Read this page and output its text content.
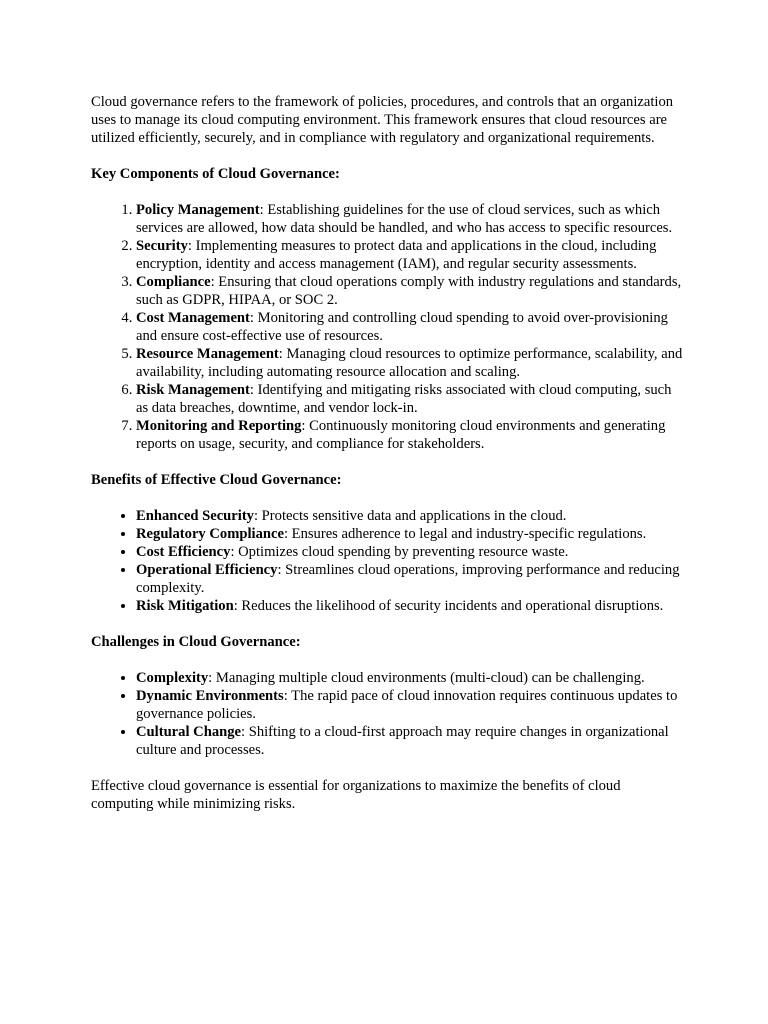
Cloud governance refers to the framework of policies, procedures, and controls that an organization uses to manage its cloud computing environment. This framework ensures that cloud resources are utilized efficiently, securely, and in compliance with regulatory and organizational requirements.

Key Components of Cloud Governance:

1. Policy Management: Establishing guidelines for the use of cloud services, such as which services are allowed, how data should be handled, and who has access to specific resources.
2. Security: Implementing measures to protect data and applications in the cloud, including encryption, identity and access management (IAM), and regular security assessments.
3. Compliance: Ensuring that cloud operations comply with industry regulations and standards, such as GDPR, HIPAA, or SOC 2.
4. Cost Management: Monitoring and controlling cloud spending to avoid over-provisioning and ensure cost-effective use of resources.
5. Resource Management: Managing cloud resources to optimize performance, scalability, and availability, including automating resource allocation and scaling.
6. Risk Management: Identifying and mitigating risks associated with cloud computing, such as data breaches, downtime, and vendor lock-in.
7. Monitoring and Reporting: Continuously monitoring cloud environments and generating reports on usage, security, and compliance for stakeholders.

Benefits of Effective Cloud Governance:

• Enhanced Security: Protects sensitive data and applications in the cloud.
• Regulatory Compliance: Ensures adherence to legal and industry-specific regulations.
• Cost Efficiency: Optimizes cloud spending by preventing resource waste.
• Operational Efficiency: Streamlines cloud operations, improving performance and reducing complexity.
• Risk Mitigation: Reduces the likelihood of security incidents and operational disruptions.

Challenges in Cloud Governance:

• Complexity: Managing multiple cloud environments (multi-cloud) can be challenging.
• Dynamic Environments: The rapid pace of cloud innovation requires continuous updates to governance policies.
• Cultural Change: Shifting to a cloud-first approach may require changes in organizational culture and processes.

Effective cloud governance is essential for organizations to maximize the benefits of cloud computing while minimizing risks.
